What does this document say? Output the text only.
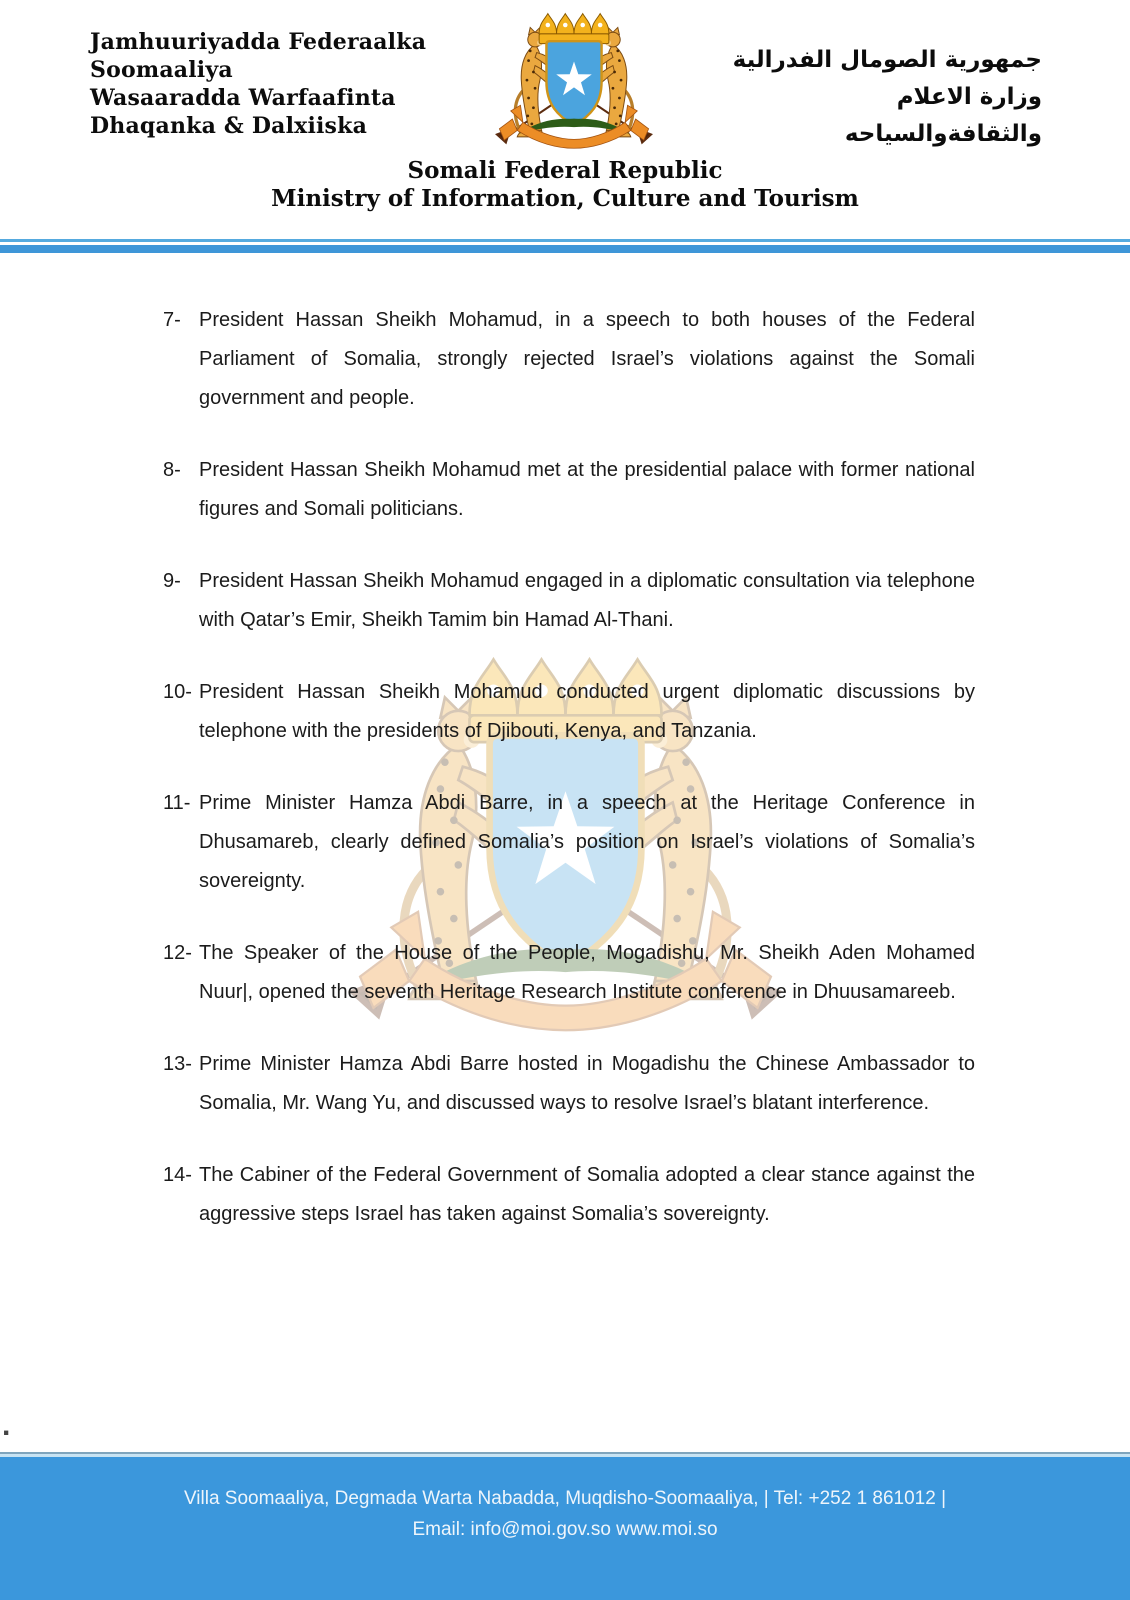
Jamhuuriyadda Federaalka
Soomaaliya
Wasaaradda Warfaafinta
Dhaqanka & Dalxiiska
جمهورية الصومال الفدرالية
وزارة الاعلام
والثقافةوالسياحه
Somali Federal Republic
Ministry of Information, Culture and Tourism
7- President Hassan Sheikh Mohamud, in a speech to both houses of the Federal Parliament of Somalia, strongly rejected Israel’s violations against the Somali government and people.
8- President Hassan Sheikh Mohamud met at the presidential palace with former national figures and Somali politicians.
9- President Hassan Sheikh Mohamud engaged in a diplomatic consultation via telephone with Qatar’s Emir, Sheikh Tamim bin Hamad Al-Thani.
10- President Hassan Sheikh Mohamud conducted urgent diplomatic discussions by telephone with the presidents of Djibouti, Kenya, and Tanzania.
11- Prime Minister Hamza Abdi Barre, in a speech at the Heritage Conference in Dhusamareb, clearly defined Somalia’s position on Israel’s violations of Somalia’s sovereignty.
12- The Speaker of the House of the People, Mogadishu, Mr. Sheikh Aden Mohamed Nuur|, opened the seventh Heritage Research Institute conference in Dhuusamareeb.
13- Prime Minister Hamza Abdi Barre hosted in Mogadishu the Chinese Ambassador to Somalia, Mr. Wang Yu, and discussed ways to resolve Israel’s blatant interference.
14- The Cabiner of the Federal Government of Somalia adopted a clear stance against the aggressive steps Israel has taken against Somalia’s sovereignty.
.
Villa Soomaaliya, Degmada Warta Nabadda, Muqdisho-Soomaaliya, | Tel: +252 1 861012 |
Email: info@moi.gov.so www.moi.so
